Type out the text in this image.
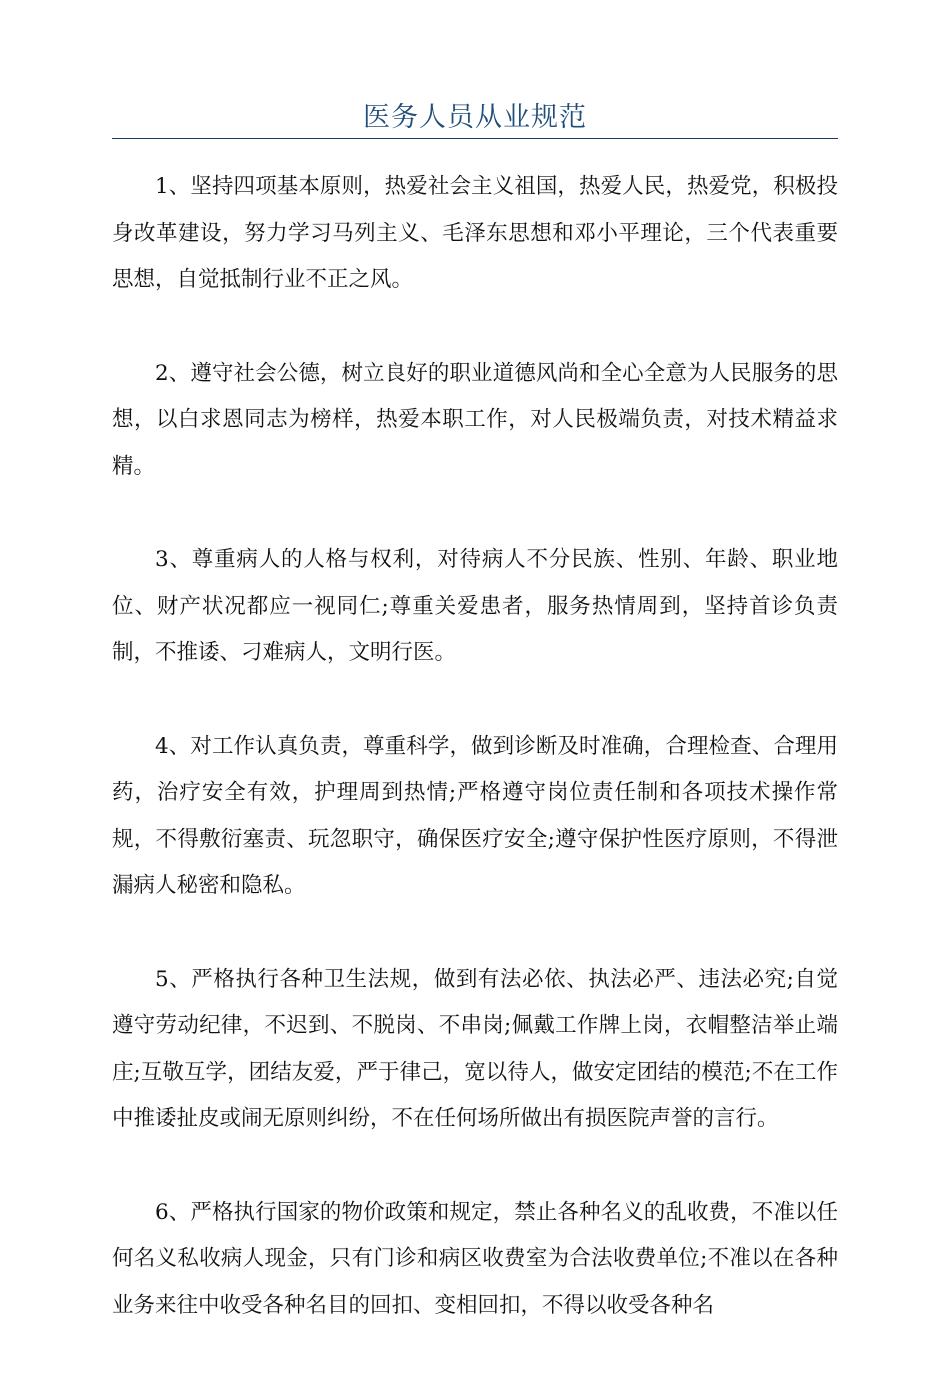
医务人员从业规范

1、坚持四项基本原则，热爱社会主义祖国，热爱人民，热爱党，积极投身改革建设，努力学习马列主义、毛泽东思想和邓小平理论，三个代表重要思想，自觉抵制行业不正之风。

2、遵守社会公德，树立良好的职业道德风尚和全心全意为人民服务的思想，以白求恩同志为榜样，热爱本职工作，对人民极端负责，对技术精益求精。

3、尊重病人的人格与权利，对待病人不分民族、性别、年龄、职业地位、财产状况都应一视同仁;尊重关爱患者，服务热情周到，坚持首诊负责制，不推诿、刁难病人，文明行医。

4、对工作认真负责，尊重科学，做到诊断及时准确，合理检查、合理用药，治疗安全有效，护理周到热情;严格遵守岗位责任制和各项技术操作常规，不得敷衍塞责、玩忽职守，确保医疗安全;遵守保护性医疗原则，不得泄漏病人秘密和隐私。

5、严格执行各种卫生法规，做到有法必依、执法必严、违法必究;自觉遵守劳动纪律，不迟到、不脱岗、不串岗;佩戴工作牌上岗，衣帽整洁举止端庄;互敬互学，团结友爱，严于律己，宽以待人，做安定团结的模范;不在工作中推诿扯皮或闹无原则纠纷，不在任何场所做出有损医院声誉的言行。

6、严格执行国家的物价政策和规定，禁止各种名义的乱收费，不准以任何名义私收病人现金，只有门诊和病区收费室为合法收费单位;不准以在各种业务来往中收受各种名目的回扣、变相回扣，不得以收受各种名
